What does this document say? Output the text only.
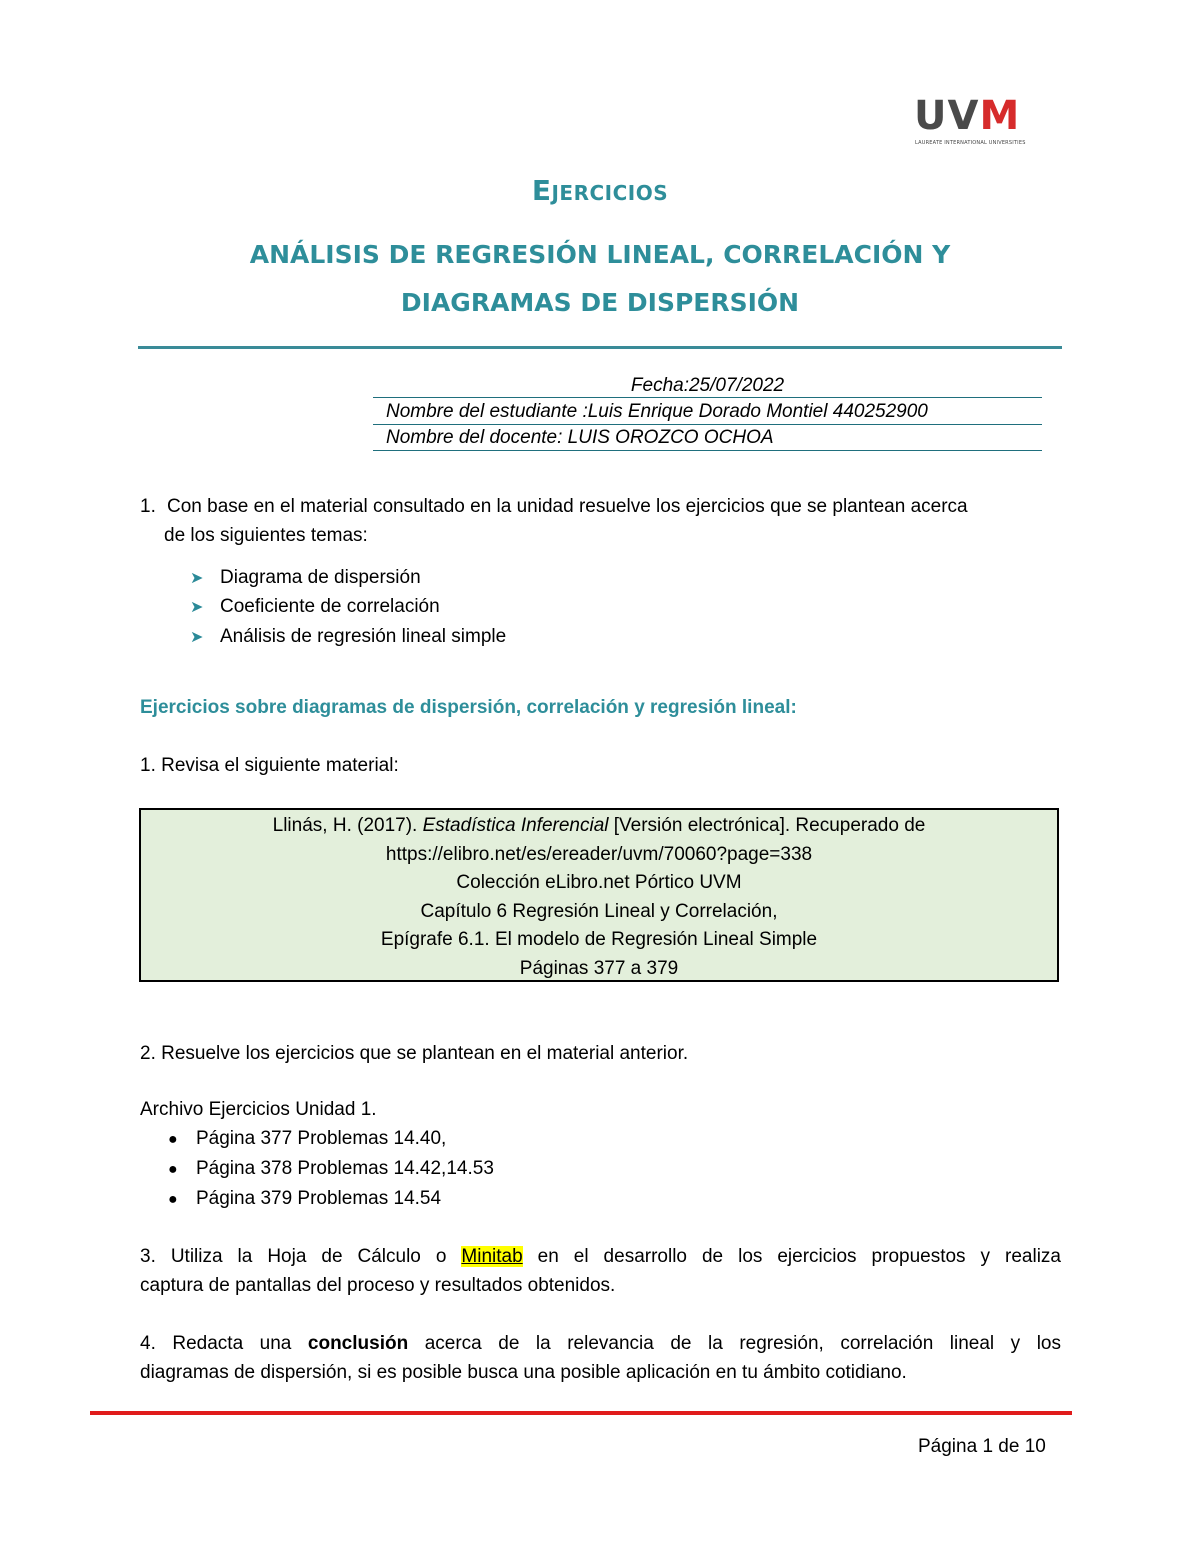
UVM
LAUREATE INTERNATIONAL UNIVERSITIES
Ejercicios
ANÁLISIS DE REGRESIÓN LINEAL, CORRELACIÓN Y
DIAGRAMAS DE DISPERSIÓN
Fecha:25/07/2022
Nombre del estudiante :Luis Enrique Dorado Montiel 440252900
Nombre del docente: LUIS OROZCO OCHOA
1. Con base en el material consultado en la unidad resuelve los ejercicios que se plantean acerca
de los siguientes temas:
➤ Diagrama de dispersión
➤ Coeficiente de correlación
➤ Análisis de regresión lineal simple
Ejercicios sobre diagramas de dispersión, correlación y regresión lineal:
1. Revisa el siguiente material:
Llinás, H. (2017). Estadística Inferencial [Versión electrónica]. Recuperado de
https://elibro.net/es/ereader/uvm/70060?page=338
Colección eLibro.net Pórtico UVM
Capítulo 6 Regresión Lineal y Correlación,
Epígrafe 6.1. El modelo de Regresión Lineal Simple
Páginas 377 a 379
2. Resuelve los ejercicios que se plantean en el material anterior.
Archivo Ejercicios Unidad 1.
● Página 377 Problemas 14.40,
● Página 378 Problemas 14.42,14.53
● Página 379 Problemas 14.54
3. Utiliza la Hoja de Cálculo o Minitab en el desarrollo de los ejercicios propuestos y realiza
captura de pantallas del proceso y resultados obtenidos.
4. Redacta una conclusión acerca de la relevancia de la regresión, correlación lineal y los
diagramas de dispersión, si es posible busca una posible aplicación en tu ámbito cotidiano.
Página 1 de 10
